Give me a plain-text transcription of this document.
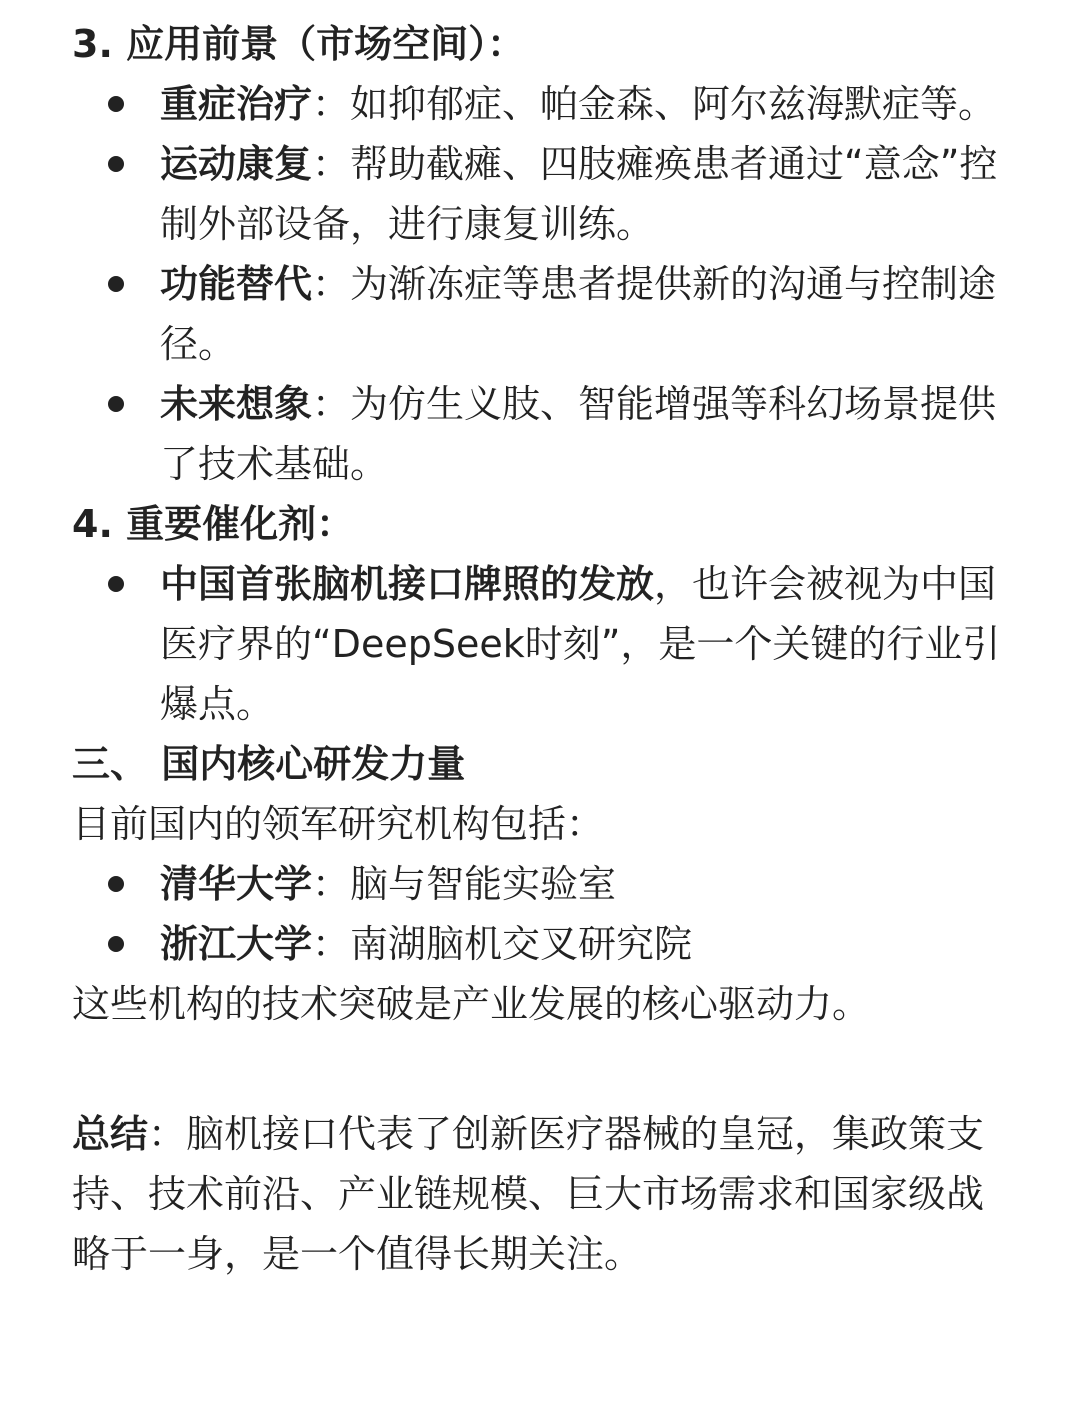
3. 应用前景（市场空间）：

重症治疗：如抑郁症、帕金森、阿尔兹海默症等。
运动康复：帮助截瘫、四肢瘫痪患者通过“意念”控制外部设备，进行康复训练。
功能替代：为渐冻症等患者提供新的沟通与控制途径。
未来想象：为仿生义肢、智能增强等科幻场景提供了技术基础。

4. 重要催化剂：

中国首张脑机接口牌照的发放，也许会被视为中国医疗界的“DeepSeek时刻”，是一个关键的行业引爆点。

三、 国内核心研发力量

目前国内的领军研究机构包括：

清华大学：脑与智能实验室
浙江大学：南湖脑机交叉研究院

这些机构的技术突破是产业发展的核心驱动力。

总结：脑机接口代表了创新医疗器械的皇冠，集政策支持、技术前沿、产业链规模、巨大市场需求和国家级战略于一身，是一个值得长期关注。
